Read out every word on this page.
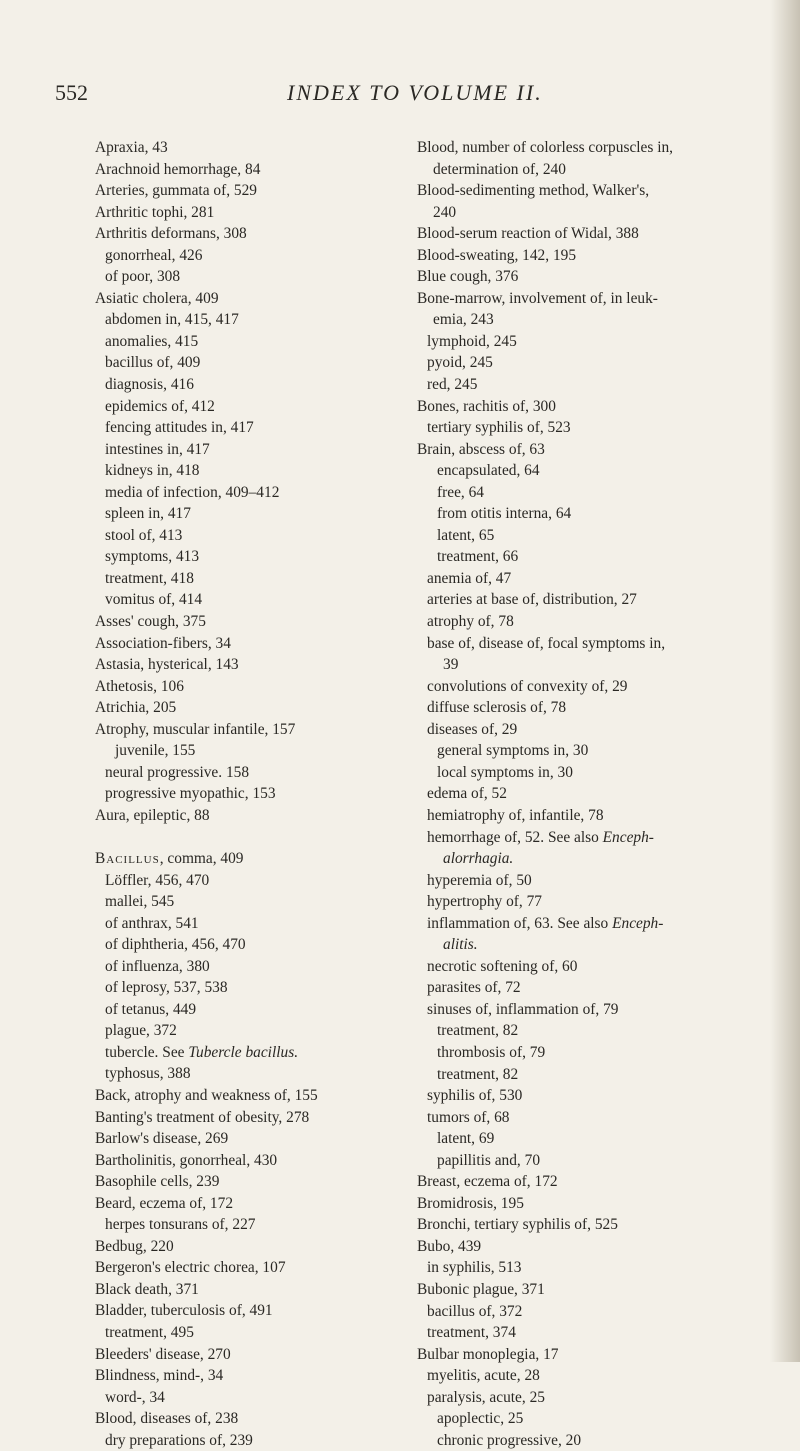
552	INDEX TO VOLUME II.
Apraxia, 43
Arachnoid hemorrhage, 84
Arteries, gummata of, 529
Arthritic tophi, 281
Arthritis deformans, 308
gonorrheal, 426
of poor, 308
Asiatic cholera, 409
abdomen in, 415, 417
anomalies, 415
bacillus of, 409
diagnosis, 416
epidemics of, 412
fencing attitudes in, 417
intestines in, 417
kidneys in, 418
media of infection, 409–412
spleen in, 417
stool of, 413
symptoms, 413
treatment, 418
vomitus of, 414
Asses' cough, 375
Association-fibers, 34
Astasia, hysterical, 143
Athetosis, 106
Atrichia, 205
Atrophy, muscular infantile, 157
juvenile, 155
neural progressive. 158
progressive myopathic, 153
Aura, epileptic, 88
Bacillus, comma, 409
Löffler, 456, 470
mallei, 545
of anthrax, 541
of diphtheria, 456, 470
of influenza, 380
of leprosy, 537, 538
of tetanus, 449
plague, 372
tubercle. See Tubercle bacillus.
typhosus, 388
Back, atrophy and weakness of, 155
Banting's treatment of obesity, 278
Barlow's disease, 269
Bartholinitis, gonorrheal, 430
Basophile cells, 239
Beard, eczema of, 172
herpes tonsurans of, 227
Bedbug, 220
Bergeron's electric chorea, 107
Black death, 371
Bladder, tuberculosis of, 491
treatment, 495
Bleeders' disease, 270
Blindness, mind-, 34
word-, 34
Blood, diseases of, 238
dry preparations of, 239
Blood, number of colorless corpuscles in,
determination of, 240
Blood-sedimenting method, Walker's,
240
Blood-serum reaction of Widal, 388
Blood-sweating, 142, 195
Blue cough, 376
Bone-marrow, involvement of, in leuk-
emia, 243
lymphoid, 245
pyoid, 245
red, 245
Bones, rachitis of, 300
tertiary syphilis of, 523
Brain, abscess of, 63
encapsulated, 64
free, 64
from otitis interna, 64
latent, 65
treatment, 66
anemia of, 47
arteries at base of, distribution, 27
atrophy of, 78
base of, disease of, focal symptoms in,
39
convolutions of convexity of, 29
diffuse sclerosis of, 78
diseases of, 29
general symptoms in, 30
local symptoms in, 30
edema of, 52
hemiatrophy of, infantile, 78
hemorrhage of, 52. See also Enceph-
alorrhagia.
hyperemia of, 50
hypertrophy of, 77
inflammation of, 63. See also Enceph-
alitis.
necrotic softening of, 60
parasites of, 72
sinuses of, inflammation of, 79
treatment, 82
thrombosis of, 79
treatment, 82
syphilis of, 530
tumors of, 68
latent, 69
papillitis and, 70
Breast, eczema of, 172
Bromidrosis, 195
Bronchi, tertiary syphilis of, 525
Bubo, 439
in syphilis, 513
Bubonic plague, 371
bacillus of, 372
treatment, 374
Bulbar monoplegia, 17
myelitis, acute, 28
paralysis, acute, 25
apoplectic, 25
chronic progressive, 20
